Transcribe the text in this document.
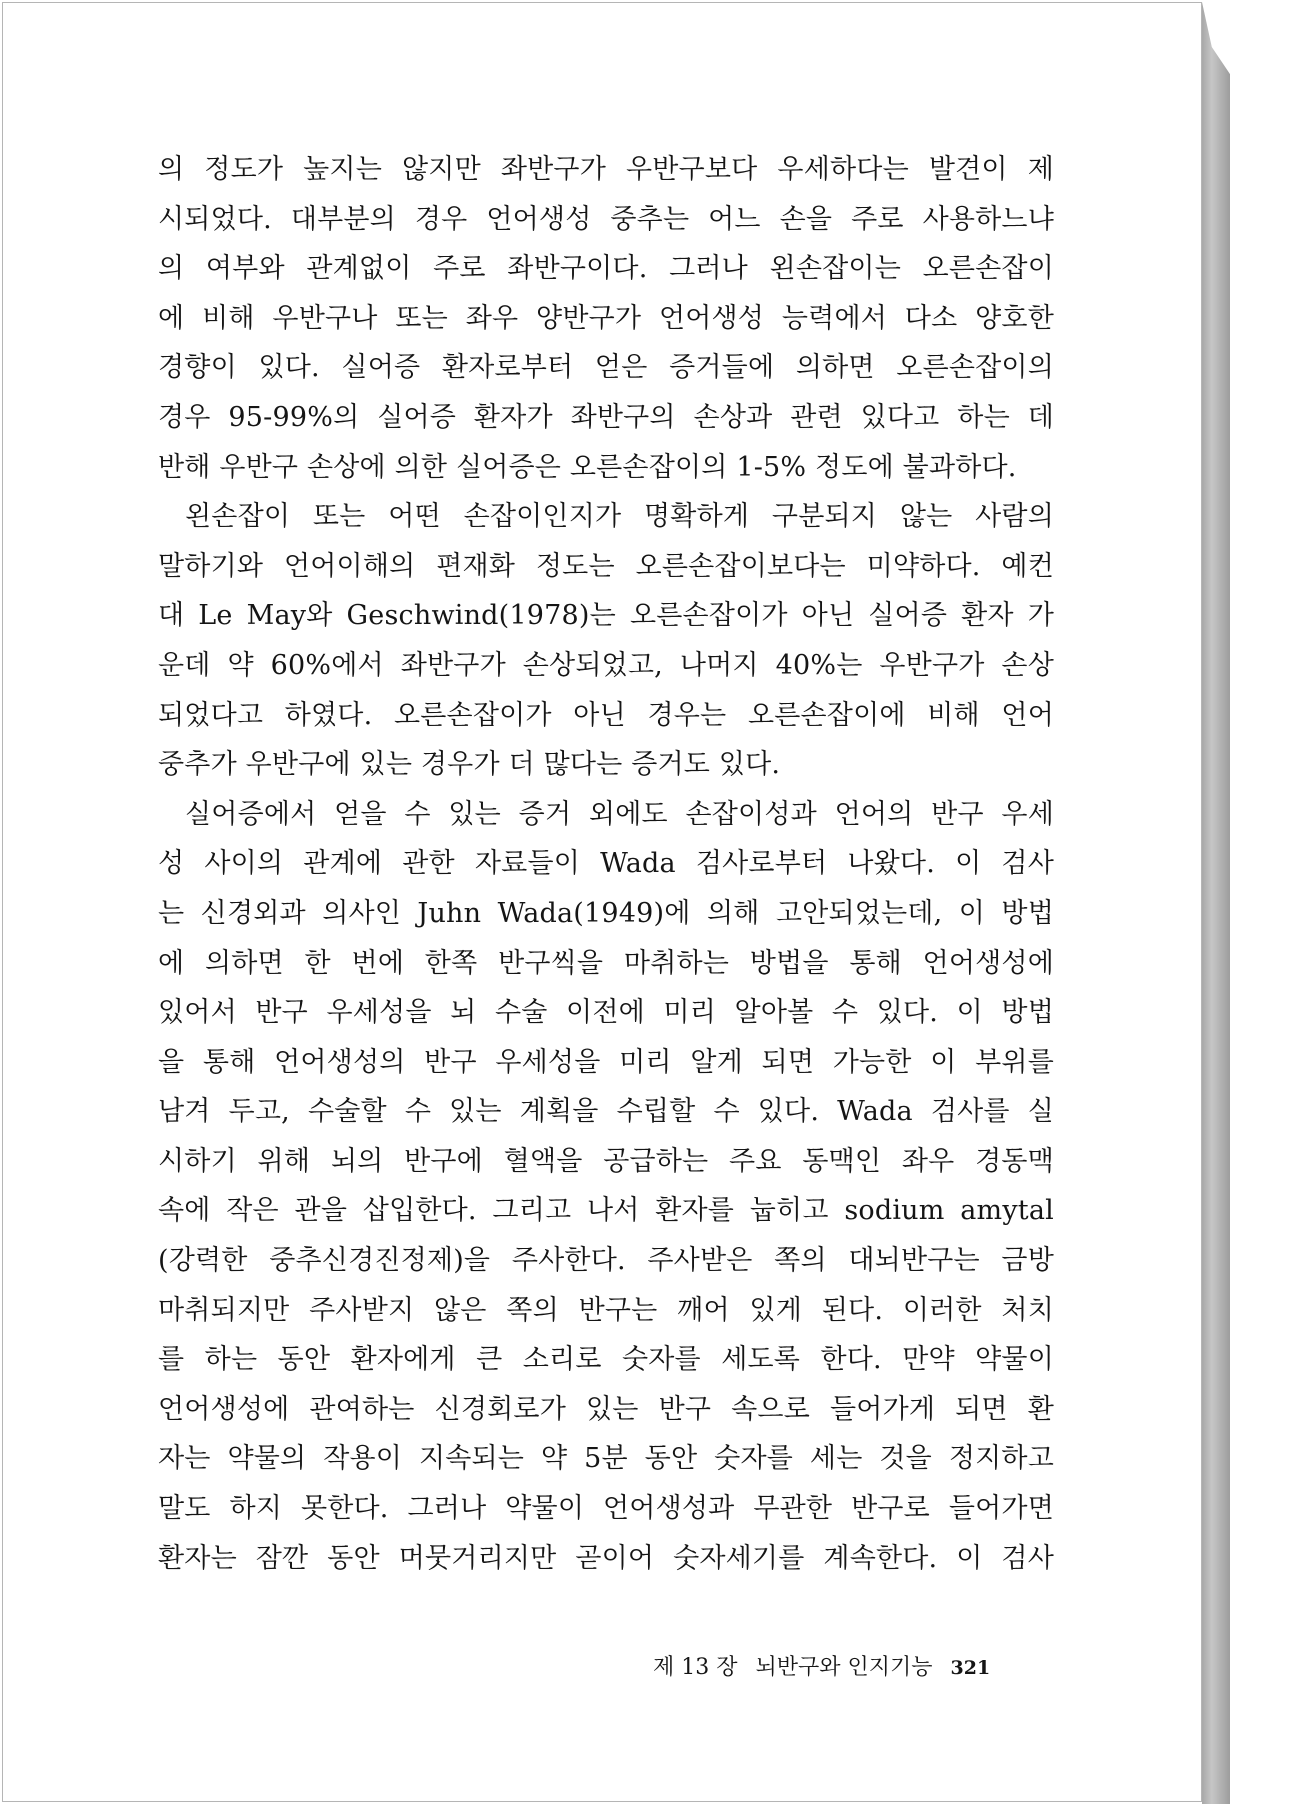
의 정도가 높지는 않지만 좌반구가 우반구보다 우세하다는 발견이 제
시되었다. 대부분의 경우 언어생성 중추는 어느 손을 주로 사용하느냐
의 여부와 관계없이 주로 좌반구이다. 그러나 왼손잡이는 오른손잡이
에 비해 우반구나 또는 좌우 양반구가 언어생성 능력에서 다소 양호한
경향이 있다. 실어증 환자로부터 얻은 증거들에 의하면 오른손잡이의
경우 95-99%의 실어증 환자가 좌반구의 손상과 관련 있다고 하는 데
반해 우반구 손상에 의한 실어증은 오른손잡이의 1-5% 정도에 불과하다.
왼손잡이 또는 어떤 손잡이인지가 명확하게 구분되지 않는 사람의
말하기와 언어이해의 편재화 정도는 오른손잡이보다는 미약하다. 예컨
대 Le May와 Geschwind(1978)는 오른손잡이가 아닌 실어증 환자 가
운데 약 60%에서 좌반구가 손상되었고, 나머지 40%는 우반구가 손상
되었다고 하였다. 오른손잡이가 아닌 경우는 오른손잡이에 비해 언어
중추가 우반구에 있는 경우가 더 많다는 증거도 있다.
실어증에서 얻을 수 있는 증거 외에도 손잡이성과 언어의 반구 우세
성 사이의 관계에 관한 자료들이 Wada 검사로부터 나왔다. 이 검사
는 신경외과 의사인 Juhn Wada(1949)에 의해 고안되었는데, 이 방법
에 의하면 한 번에 한쪽 반구씩을 마취하는 방법을 통해 언어생성에
있어서 반구 우세성을 뇌 수술 이전에 미리 알아볼 수 있다. 이 방법
을 통해 언어생성의 반구 우세성을 미리 알게 되면 가능한 이 부위를
남겨 두고, 수술할 수 있는 계획을 수립할 수 있다. Wada 검사를 실
시하기 위해 뇌의 반구에 혈액을 공급하는 주요 동맥인 좌우 경동맥
속에 작은 관을 삽입한다. 그리고 나서 환자를 눕히고 sodium amytal
(강력한 중추신경진정제)을 주사한다. 주사받은 쪽의 대뇌반구는 금방
마취되지만 주사받지 않은 쪽의 반구는 깨어 있게 된다. 이러한 처치
를 하는 동안 환자에게 큰 소리로 숫자를 세도록 한다. 만약 약물이
언어생성에 관여하는 신경회로가 있는 반구 속으로 들어가게 되면 환
자는 약물의 작용이 지속되는 약 5분 동안 숫자를 세는 것을 정지하고
말도 하지 못한다. 그러나 약물이 언어생성과 무관한 반구로 들어가면
환자는 잠깐 동안 머뭇거리지만 곧이어 숫자세기를 계속한다. 이 검사
제 13 장 뇌반구와 인지기능 321
